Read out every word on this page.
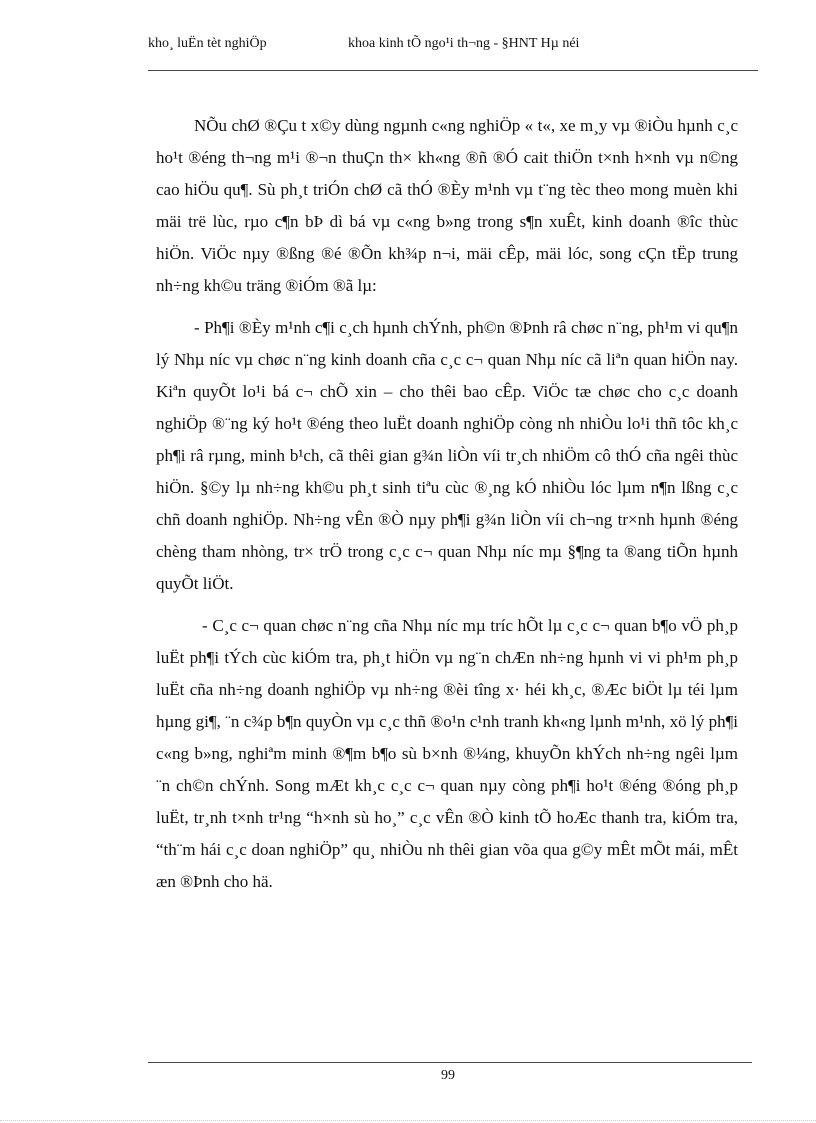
kho¸ luËn tèt nghiÖp	khoa kinh tÕ ngo¹i th¬ng - §HNT Hµ néi

NÕu chØ ®Çu t x©y dùng ngµnh c«ng nghiÖp « t«, xe m¸y vµ ®iÒu hµnh c¸c ho¹t ®éng th¬ng m¹i ®¬n thuÇn th× kh«ng ®ñ ®Ó cait thiÖn t×nh h×nh vµ n©ng cao hiÖu qu¶. Sù ph¸t triÓn chØ cã thÓ ®Èy m¹nh vµ t¨ng tèc theo mong muèn khi mäi trë lùc, rµo c¶n bÞ dì bá vµ c«ng b»ng trong s¶n xuÊt, kinh doanh ®îc thùc hiÖn. ViÖc nµy ®ßng ®é ®Õn kh¾p n¬i, mäi cÊp, mäi lóc, song cÇn tËp trung nh÷ng kh©u träng ®iÓm ®ã lµ:

- Ph¶i ®Èy m¹nh c¶i c¸ch hµnh chÝnh, ph©n ®Þnh râ chøc n¨ng, ph¹m vi qu¶n lý Nhµ níc vµ chøc n¨ng kinh doanh cña c¸c c¬ quan Nhµ níc cã liªn quan hiÖn nay. Kiªn quyÕt lo¹i bá c¬ chÕ xin – cho thêi bao cÊp. ViÖc tæ chøc cho c¸c doanh nghiÖp ®¨ng ký ho¹t ®éng theo luËt doanh nghiÖp còng nh nhiÒu lo¹i thñ tôc kh¸c ph¶i râ rµng, minh b¹ch, cã thêi gian g¾n liÒn víi tr¸ch nhiÖm cô thÓ cña ngêi thùc hiÖn. §©y lµ nh÷ng kh©u ph¸t sinh tiªu cùc ®¸ng kÓ nhiÒu lóc lµm n¶n lßng c¸c chñ doanh nghiÖp. Nh÷ng vÊn ®Ò nµy ph¶i g¾n liÒn víi ch¬ng tr×nh hµnh ®éng chèng tham nhòng, tr× trÖ trong c¸c c¬ quan Nhµ níc mµ §¶ng ta ®ang tiÕn hµnh quyÕt liÖt.

- C¸c c¬ quan chøc n¨ng cña Nhµ níc mµ tríc hÕt lµ c¸c c¬ quan b¶o vÖ ph¸p luËt ph¶i tÝch cùc kiÓm tra, ph¸t hiÖn vµ ng¨n chÆn nh÷ng hµnh vi vi ph¹m ph¸p luËt cña nh÷ng doanh nghiÖp vµ nh÷ng ®èi tîng x· héi kh¸c, ®Æc biÖt lµ téi lµm hµng gi¶, ¨n c¾p b¶n quyÒn vµ c¸c thñ ®o¹n c¹nh tranh kh«ng lµnh m¹nh, xö lý ph¶i c«ng b»ng, nghiªm minh ®¶m b¶o sù b×nh ®¼ng, khuyÕn khÝch nh÷ng ngêi lµm ¨n ch©n chÝnh. Song mÆt kh¸c c¸c c¬ quan nµy còng ph¶i ho¹t ®éng ®óng ph¸p luËt, tr¸nh t×nh tr¹ng “h×nh sù ho¸” c¸c vÊn ®Ò kinh tÕ hoÆc thanh tra, kiÓm tra, “th¨m hái c¸c doan nghiÖp” qu¸ nhiÒu nh thêi gian võa qua g©y mÊt mÕt mái, mÊt æn ®Þnh cho hä.

99
